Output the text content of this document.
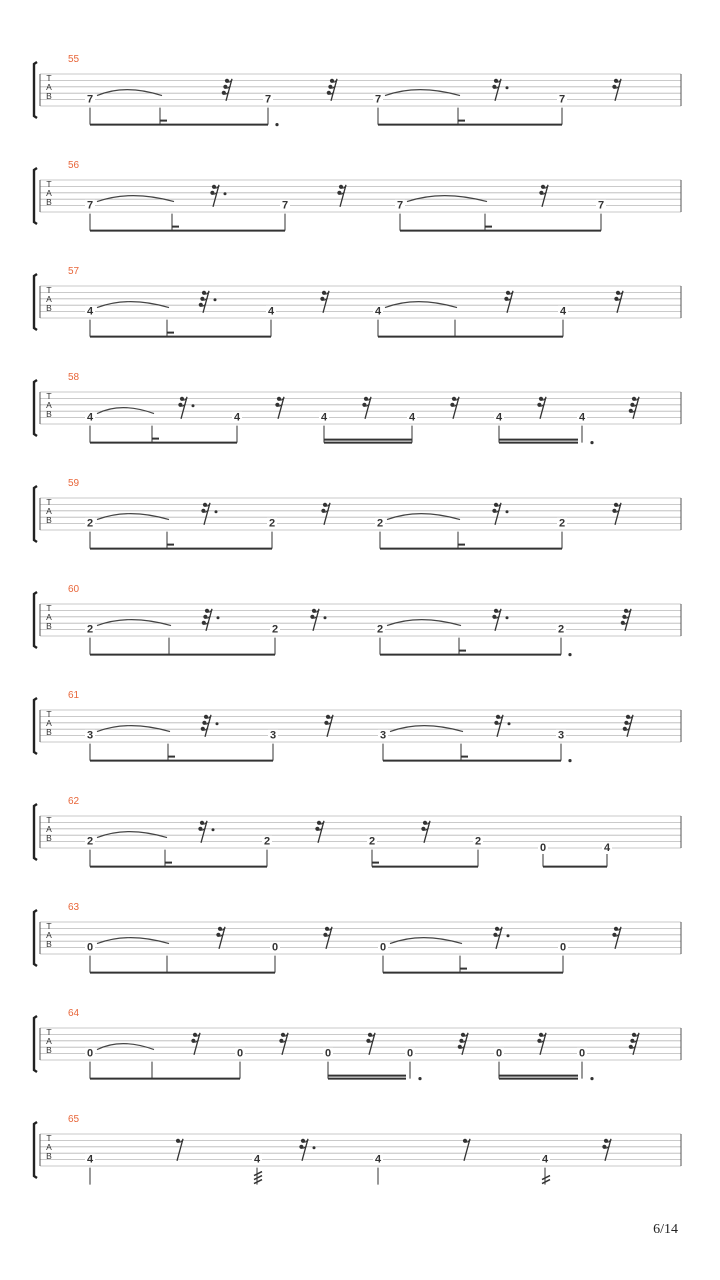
55
T
A
B	7	7	7	7
56
T
A
B	7	7	7	7
57
T
A
B	4	4	4	4
58
T
A
B	4	4	4	4	4	4
59
T
A
B	2	2	2	2
60
T
A
B	2	2	2	2
61
T
A
B	3	3	3	3
62
T
A
B	2	2	2	2
0	4
63
T
A
B	0	0	0	0
64
T
A
B	0	0	0	0	0	0
65
T
A
B	4	4	4	4
6/14
